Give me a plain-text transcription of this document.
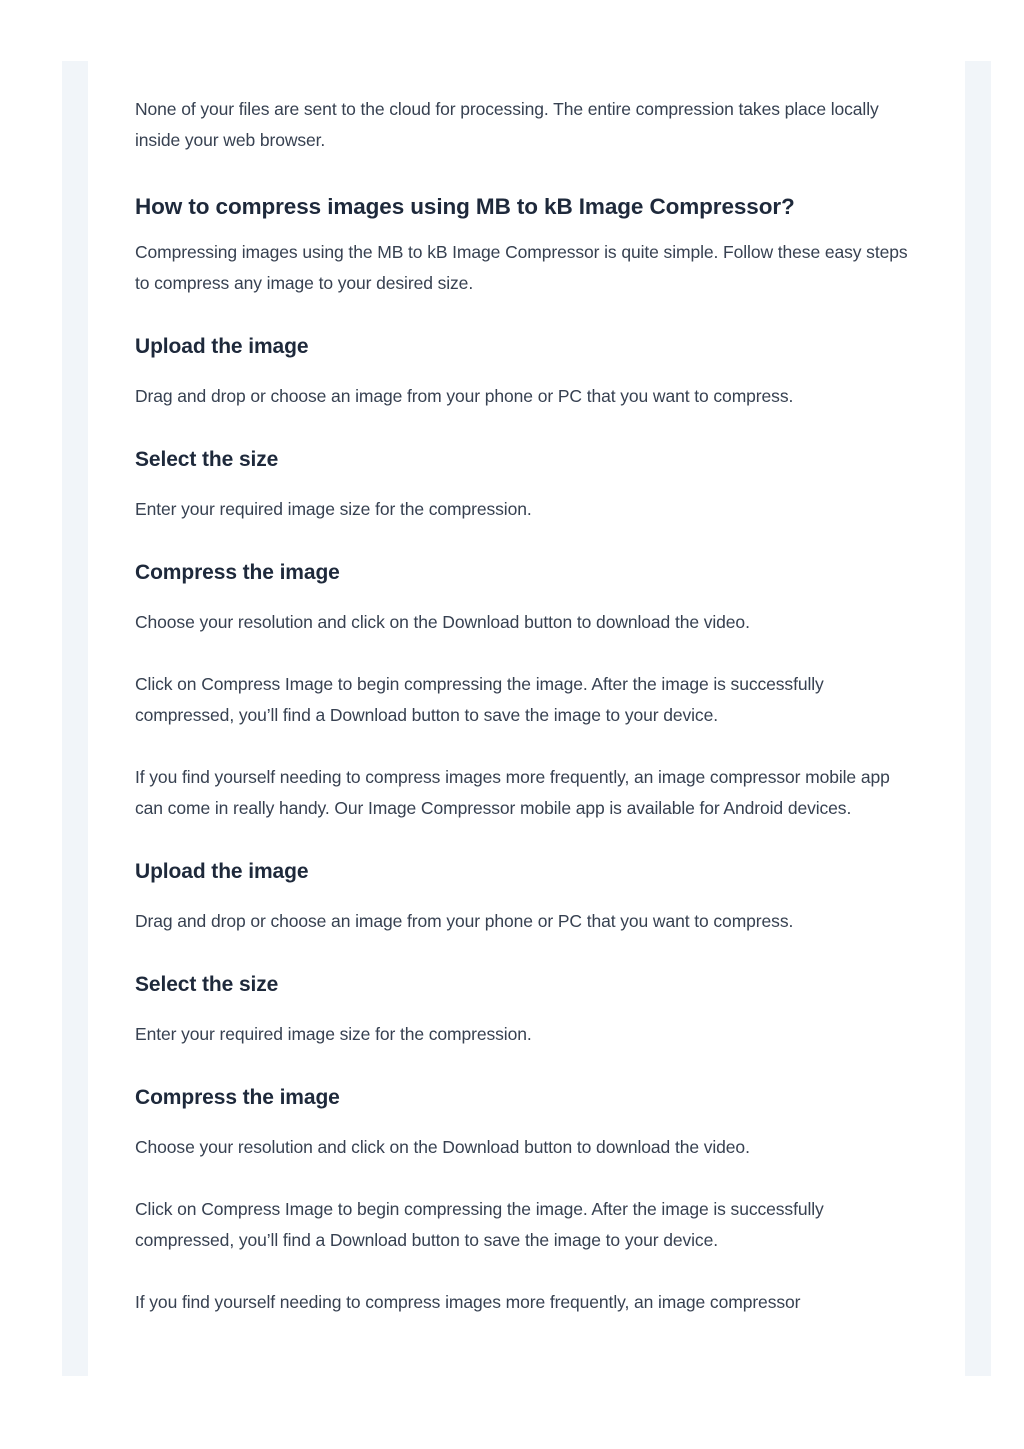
None of your files are sent to the cloud for processing. The entire compression takes place locally inside your web browser.

How to compress images using MB to kB Image Compressor?

Compressing images using the MB to kB Image Compressor is quite simple. Follow these easy steps to compress any image to your desired size.

Upload the image

Drag and drop or choose an image from your phone or PC that you want to compress.

Select the size

Enter your required image size for the compression.

Compress the image

Choose your resolution and click on the Download button to download the video.

Click on Compress Image to begin compressing the image. After the image is successfully compressed, you’ll find a Download button to save the image to your device.

If you find yourself needing to compress images more frequently, an image compressor mobile app can come in really handy. Our Image Compressor mobile app is available for Android devices.

Upload the image

Drag and drop or choose an image from your phone or PC that you want to compress.

Select the size

Enter your required image size for the compression.

Compress the image

Choose your resolution and click on the Download button to download the video.

Click on Compress Image to begin compressing the image. After the image is successfully compressed, you’ll find a Download button to save the image to your device.

If you find yourself needing to compress images more frequently, an image compressor
